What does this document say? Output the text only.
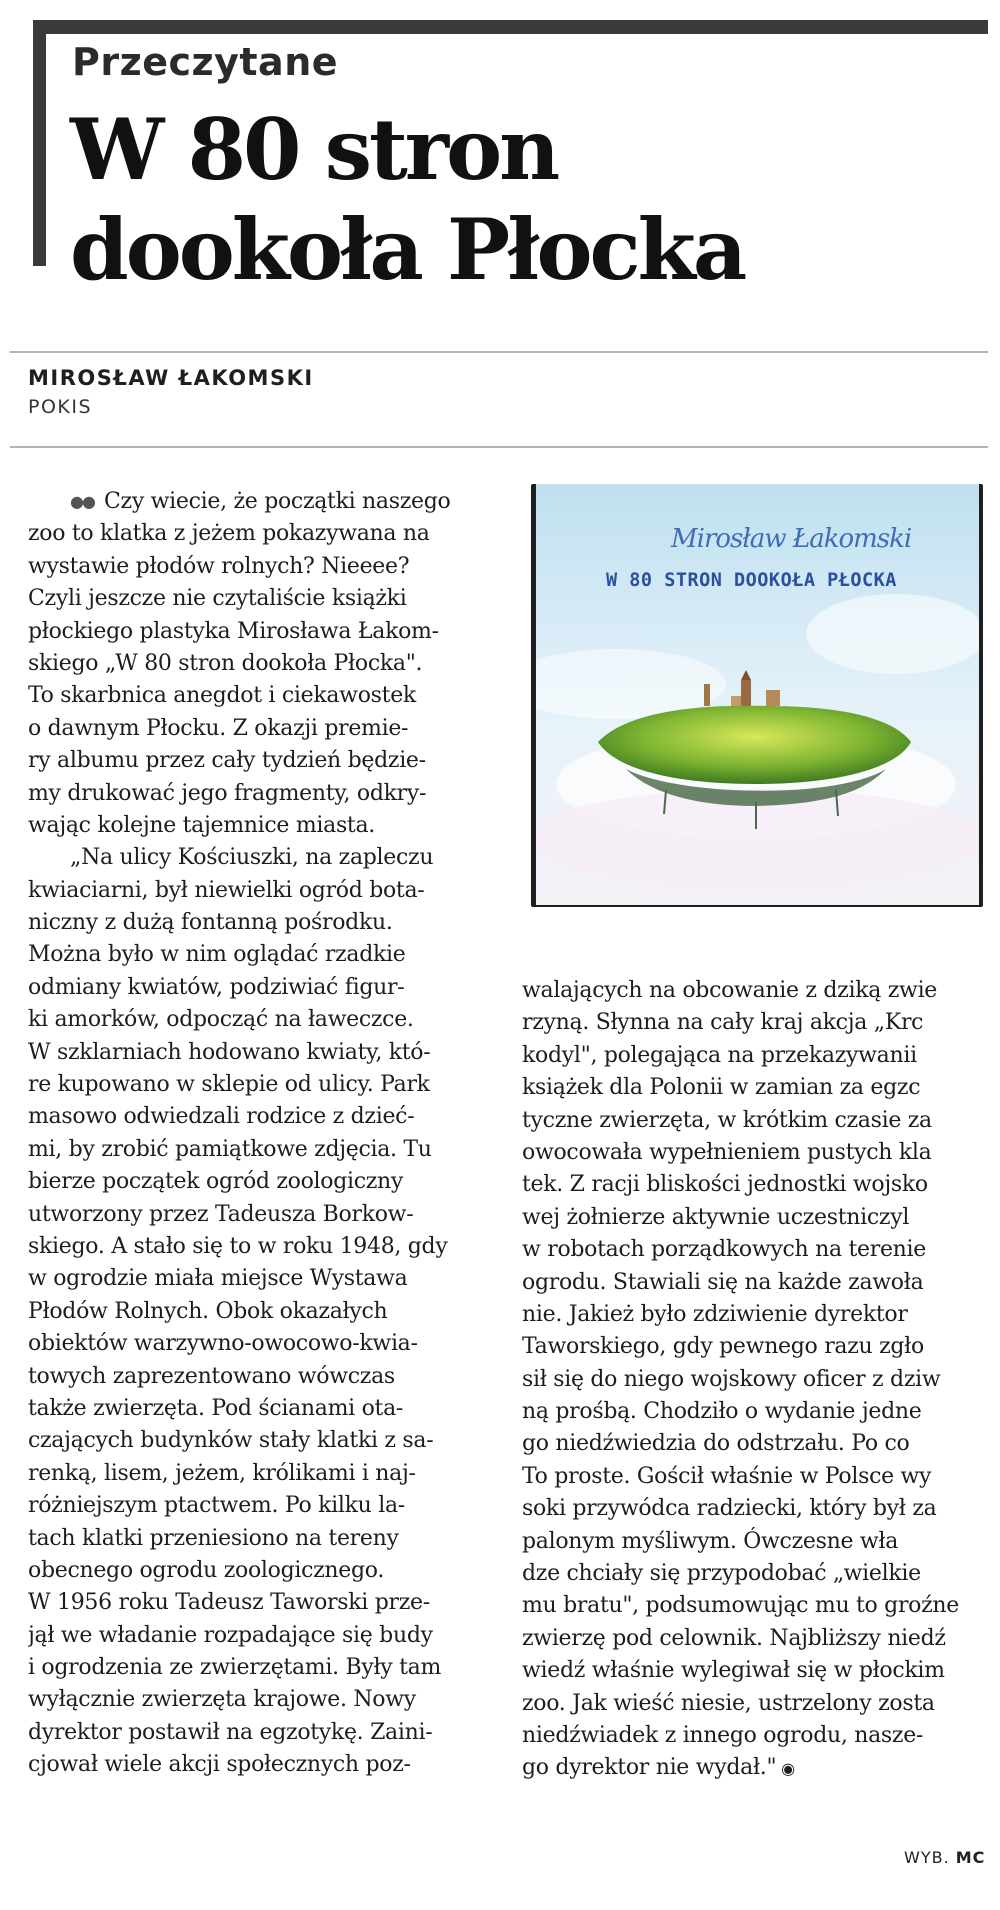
Przeczytane
W 80 stron
dookoła Płocka

MIROSŁAW ŁAKOMSKI

POKIS

●● Czy wiecie, że początki naszego
zoo to klatka z jeżem pokazywana na
wystawie płodów rolnych? Nieeee?
Czyli jeszcze nie czytaliście książki
płockiego plastyka Mirosława Łakom-
skiego „W 80 stron dookoła Płocka".
To skarbnica anegdot i ciekawostek
o dawnym Płocku. Z okazji premie-
ry albumu przez cały tydzień będzie-
my drukować jego fragmenty, odkry-
wając kolejne tajemnice miasta.
„Na ulicy Kościuszki, na zapleczu
kwiaciarni, był niewielki ogród bota-
niczny z dużą fontanną pośrodku.
Można było w nim oglądać rzadkie
odmiany kwiatów, podziwiać figur-
ki amorków, odpocząć na ławeczce.
W szklarniach hodowano kwiaty, któ-
re kupowano w sklepie od ulicy. Park
masowo odwiedzali rodzice z dzieć-
mi, by zrobić pamiątkowe zdjęcia. Tu
bierze początek ogród zoologiczny
utworzony przez Tadeusza Borkow-
skiego. A stało się to w roku 1948, gdy
w ogrodzie miała miejsce Wystawa
Płodów Rolnych. Obok okazałych
obiektów warzywno-owocowo-kwia-
towych zaprezentowano wówczas
także zwierzęta. Pod ścianami ota-
czających budynków stały klatki z sa-
renką, lisem, jeżem, królikami i naj-
różniejszym ptactwem. Po kilku la-
tach klatki przeniesiono na tereny
obecnego ogrodu zoologicznego.
W 1956 roku Tadeusz Taworski prze-
jął we władanie rozpadające się budy
i ogrodzenia ze zwierzętami. Były tam
wyłącznie zwierzęta krajowe. Nowy
dyrektor postawił na egzotykę. Zaini-
cjował wiele akcji społecznych poz-

Mirosław Łakomski

W 80 STRON DOOKOŁA PŁOCKA

walających na obcowanie z dziką zwie
rzyną. Słynna na cały kraj akcja „Krc
kodyl", polegająca na przekazywanii
książek dla Polonii w zamian za egzc
tyczne zwierzęta, w krótkim czasie za
owocowała wypełnieniem pustych kla
tek. Z racji bliskości jednostki wojsko
wej żołnierze aktywnie uczestniczyl
w robotach porządkowych na terenie
ogrodu. Stawiali się na każde zawoła
nie. Jakież było zdziwienie dyrektor
Taworskiego, gdy pewnego razu zgło
sił się do niego wojskowy oficer z dziw
ną prośbą. Chodziło o wydanie jedne
go niedźwiedzia do odstrzału. Po co
To proste. Gościł właśnie w Polsce wy
soki przywódca radziecki, który był za
palonym myśliwym. Ówczesne wła
dze chciały się przypodobać „wielkie
mu bratu", podsumowując mu to groźne
zwierzę pod celownik. Najbliższy niedź
wiedź właśnie wylegiwał się w płockim
zoo. Jak wieść niesie, ustrzelony zosta
niedźwiadek z innego ogrodu, nasze-
go dyrektor nie wydał." ◉

WYB. MC
